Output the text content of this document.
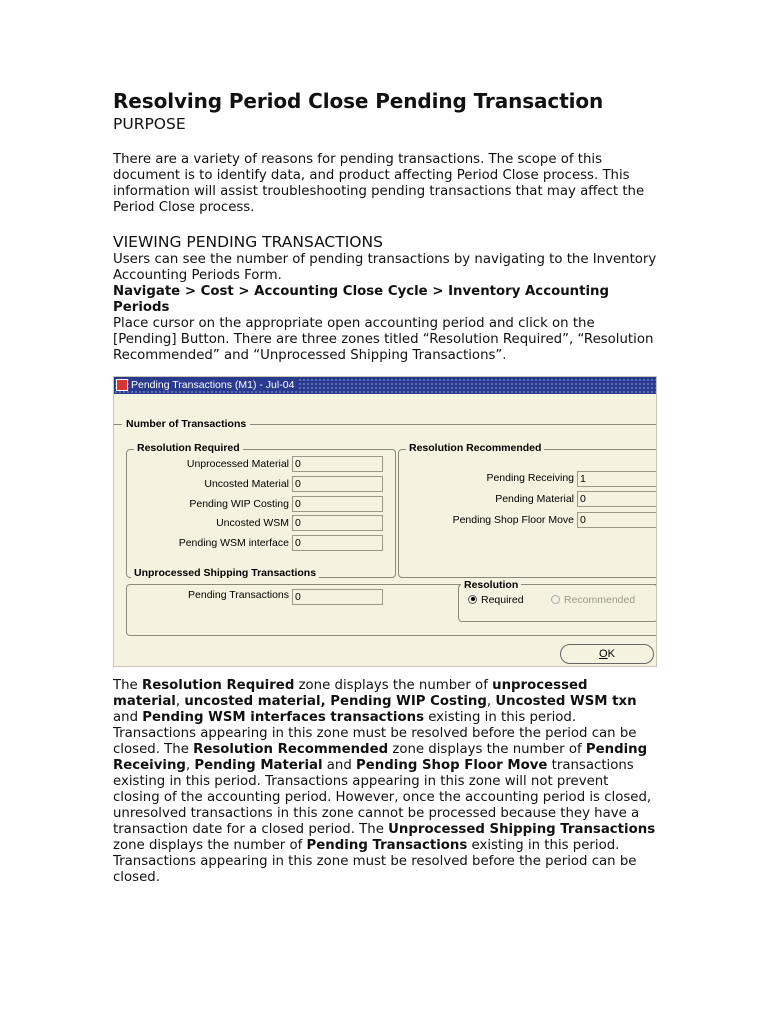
Resolving Period Close Pending Transaction
PURPOSE

There are a variety of reasons for pending transactions. The scope of this document is to identify data, and product affecting Period Close process. This information will assist troubleshooting pending transactions that may affect the Period Close process.

VIEWING PENDING TRANSACTIONS

Users can see the number of pending transactions by navigating to the Inventory Accounting Periods Form.

Navigate > Cost > Accounting Close Cycle > Inventory Accounting Periods

Place cursor on the appropriate open accounting period and click on the [Pending] Button. There are three zones titled “Resolution Required”, “Resolution Recommended” and “Unprocessed Shipping Transactions”.

Pending Transactions (M1) - Jul-04
Number of Transactions
Resolution Required
Unprocessed Material 0
Uncosted Material 0
Pending WIP Costing 0
Uncosted WSM 0
Pending WSM interface 0
Resolution Recommended
Pending Receiving 1
Pending Material 0
Pending Shop Floor Move 0
Unprocessed Shipping Transactions
Pending Transactions 0
Resolution
Required	Recommended
OK

The Resolution Required zone displays the number of unprocessed material, uncosted material, Pending WIP Costing, Uncosted WSM txn and Pending WSM interfaces transactions existing in this period. Transactions appearing in this zone must be resolved before the period can be closed. The Resolution Recommended zone displays the number of Pending Receiving, Pending Material and Pending Shop Floor Move transactions existing in this period. Transactions appearing in this zone will not prevent closing of the accounting period. However, once the accounting period is closed, unresolved transactions in this zone cannot be processed because they have a transaction date for a closed period. The Unprocessed Shipping Transactions zone displays the number of Pending Transactions existing in this period. Transactions appearing in this zone must be resolved before the period can be closed.
